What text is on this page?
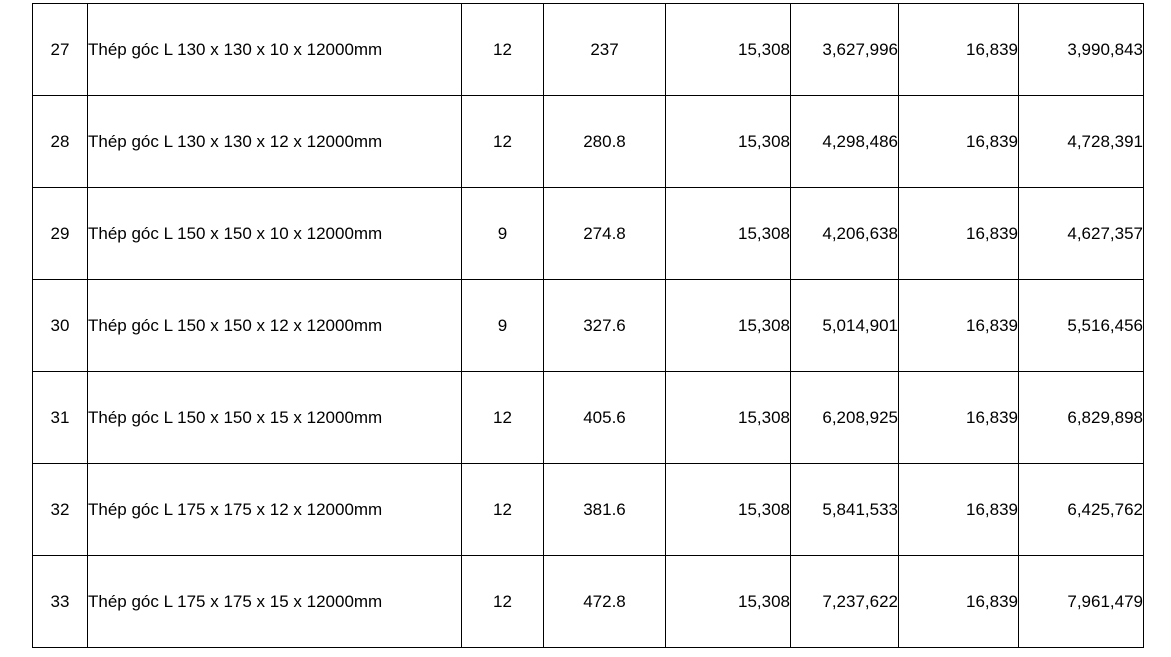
27	Thép góc L 130 x 130 x 10 x 12000mm	12	237	15,308	3,627,996	16,839	3,990,843
28	Thép góc L 130 x 130 x 12 x 12000mm	12	280.8	15,308	4,298,486	16,839	4,728,391
29	Thép góc L 150 x 150 x 10 x 12000mm	9	274.8	15,308	4,206,638	16,839	4,627,357
30	Thép góc L 150 x 150 x 12 x 12000mm	9	327.6	15,308	5,014,901	16,839	5,516,456
31	Thép góc L 150 x 150 x 15 x 12000mm	12	405.6	15,308	6,208,925	16,839	6,829,898
32	Thép góc L 175 x 175 x 12 x 12000mm	12	381.6	15,308	5,841,533	16,839	6,425,762
33	Thép góc L 175 x 175 x 15 x 12000mm	12	472.8	15,308	7,237,622	16,839	7,961,479
